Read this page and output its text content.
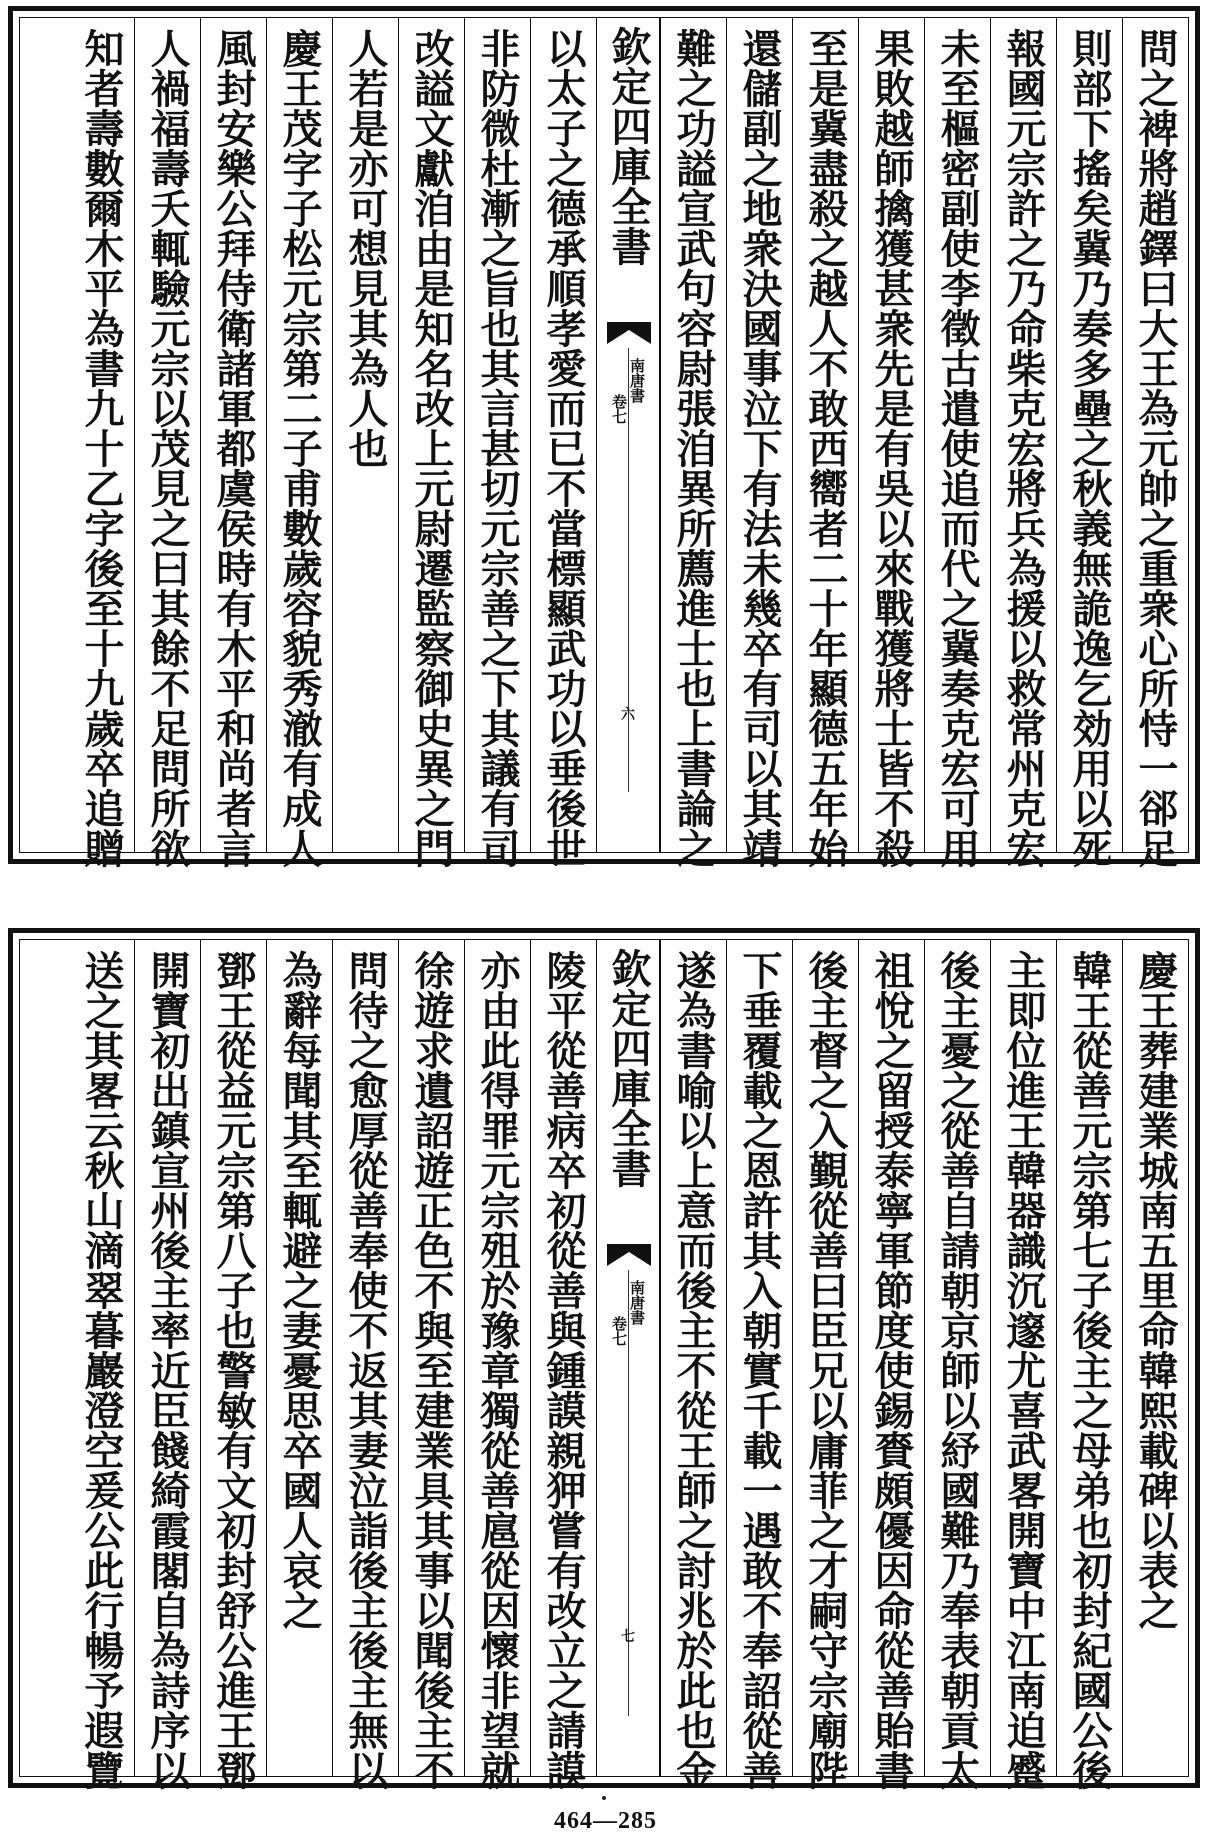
問之裨將趙鐸曰大王為元帥之重衆心所恃一郤足
則部下搖矣冀乃奏多壘之秋義無詭逸乞効用以死
報國元宗許之乃命柴克宏將兵為援以救常州克宏
未至樞密副使李徵古遣使追而代之冀奏克宏可用
果敗越師擒獲甚衆先是有吳以來戰獲將士皆不殺
至是冀盡殺之越人不敢西嚮者二十年顯德五年始
還儲副之地衆決國事泣下有法未幾卒有司以其靖
難之功謚宣武句容尉張洎異所薦進士也上書論之
欽定四庫全書
卷七
南唐書
六
以太子之德承順孝愛而已不當標顯武功以垂後世
非防微杜漸之旨也其言甚切元宗善之下其議有司
改謚文獻洎由是知名改上元尉遷監察御史異之門
人若是亦可想見其為人也
慶王茂字子松元宗第二子甫數歲容貌秀澈有成人
風封安樂公拜侍衛諸軍都虞侯時有木平和尚者言
人禍福壽夭輒驗元宗以茂見之曰其餘不足問所欲
知者壽數爾木平為書九十乙字後至十九歲卒追贈
慶王葬建業城南五里命韓熙載碑以表之
韓王從善元宗第七子後主之母弟也初封紀國公後
主即位進王韓器識沉邃尤喜武畧開寶中江南迫蹙
後主憂之從善自請朝京師以紓國難乃奉表朝貢太
祖悅之留授泰寧軍節度使錫賚頗優因命從善貽書
後主督之入覲從善曰臣兄以庸菲之才嗣守宗廟陛
下垂覆載之恩許其入朝實千載一遇敢不奉詔從善
遂為書喻以上意而後主不從王師之討兆於此也金
欽定四庫全書
卷七
南唐書
七
陵平從善病卒初從善與鍾謨親狎嘗有改立之請謨
亦由此得罪元宗殂於豫章獨從善扈從因懷非望就
徐遊求遺詔遊正色不與至建業具其事以聞後主不
問待之愈厚從善奉使不返其妻泣詣後主後主無以
為辭每聞其至輒避之妻憂思卒國人哀之
鄧王從益元宗第八子也警敏有文初封舒公進王鄧
開寶初出鎮宣州後主率近臣餞綺霞閣自為詩序以
送之其畧云秋山滴翠暮巖澄空爰公此行暢予遐覽
464—285
